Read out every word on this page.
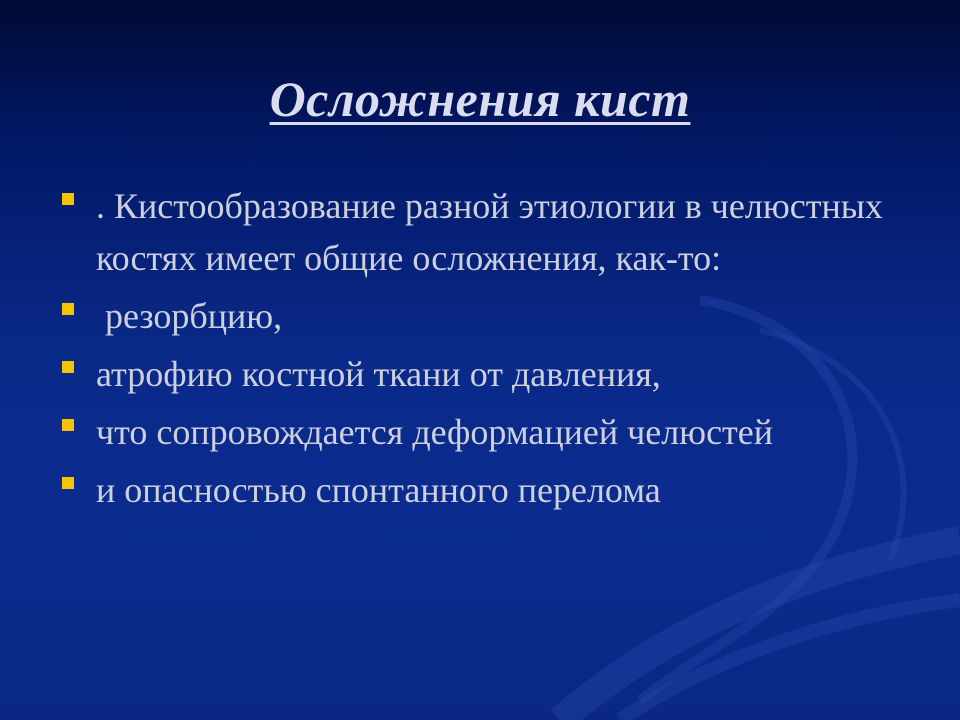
Осложнения кист
. Кистообразование разной этиологии в челюстных костях имеет общие осложнения, как-то:
резорбцию,
атрофию костной ткани от давления,
что сопровождается деформацией челюстей
и опасностью спонтанного перелома
